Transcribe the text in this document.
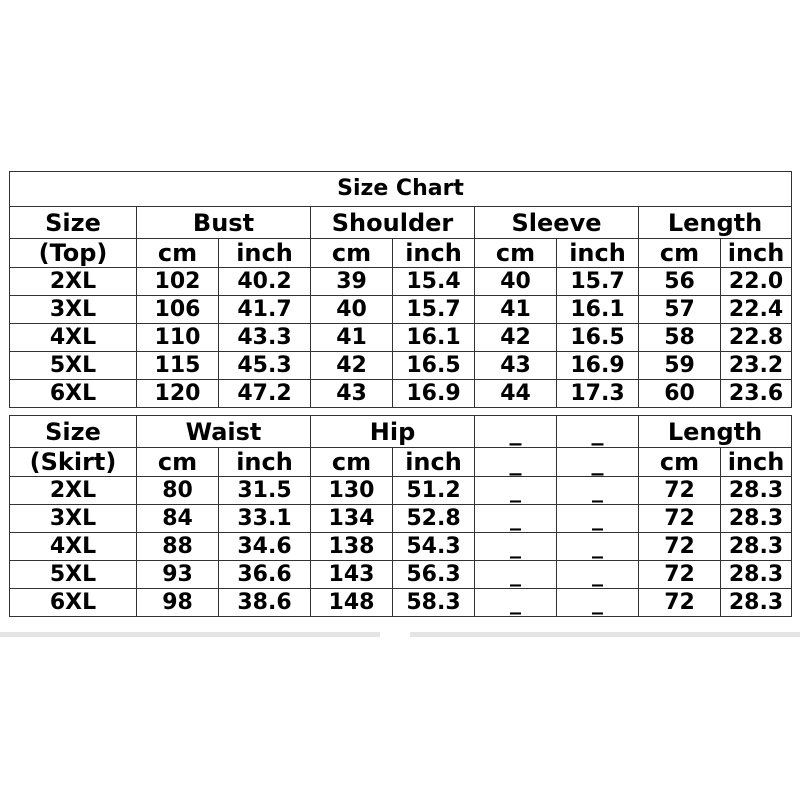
Size Chart								
Size	Bust		Shoulder		Sleeve		Length	
(Top)	cm	inch	cm	inch	cm	inch	cm	inch
2XL	102	40.2	39	15.4	40	15.7	56	22.0
3XL	106	41.7	40	15.7	41	16.1	57	22.4
4XL	110	43.3	41	16.1	42	16.5	58	22.8
5XL	115	45.3	42	16.5	43	16.9	59	23.2
6XL	120	47.2	43	16.9	44	17.3	60	23.6
Size	Waist		Hip		_	_	Length	
(Skirt)	cm	inch	cm	inch	_	_	cm	inch
2XL	80	31.5	130	51.2	_	_	72	28.3
3XL	84	33.1	134	52.8	_	_	72	28.3
4XL	88	34.6	138	54.3	_	_	72	28.3
5XL	93	36.6	143	56.3	_	_	72	28.3
6XL	98	38.6	148	58.3	_	_	72	28.3
